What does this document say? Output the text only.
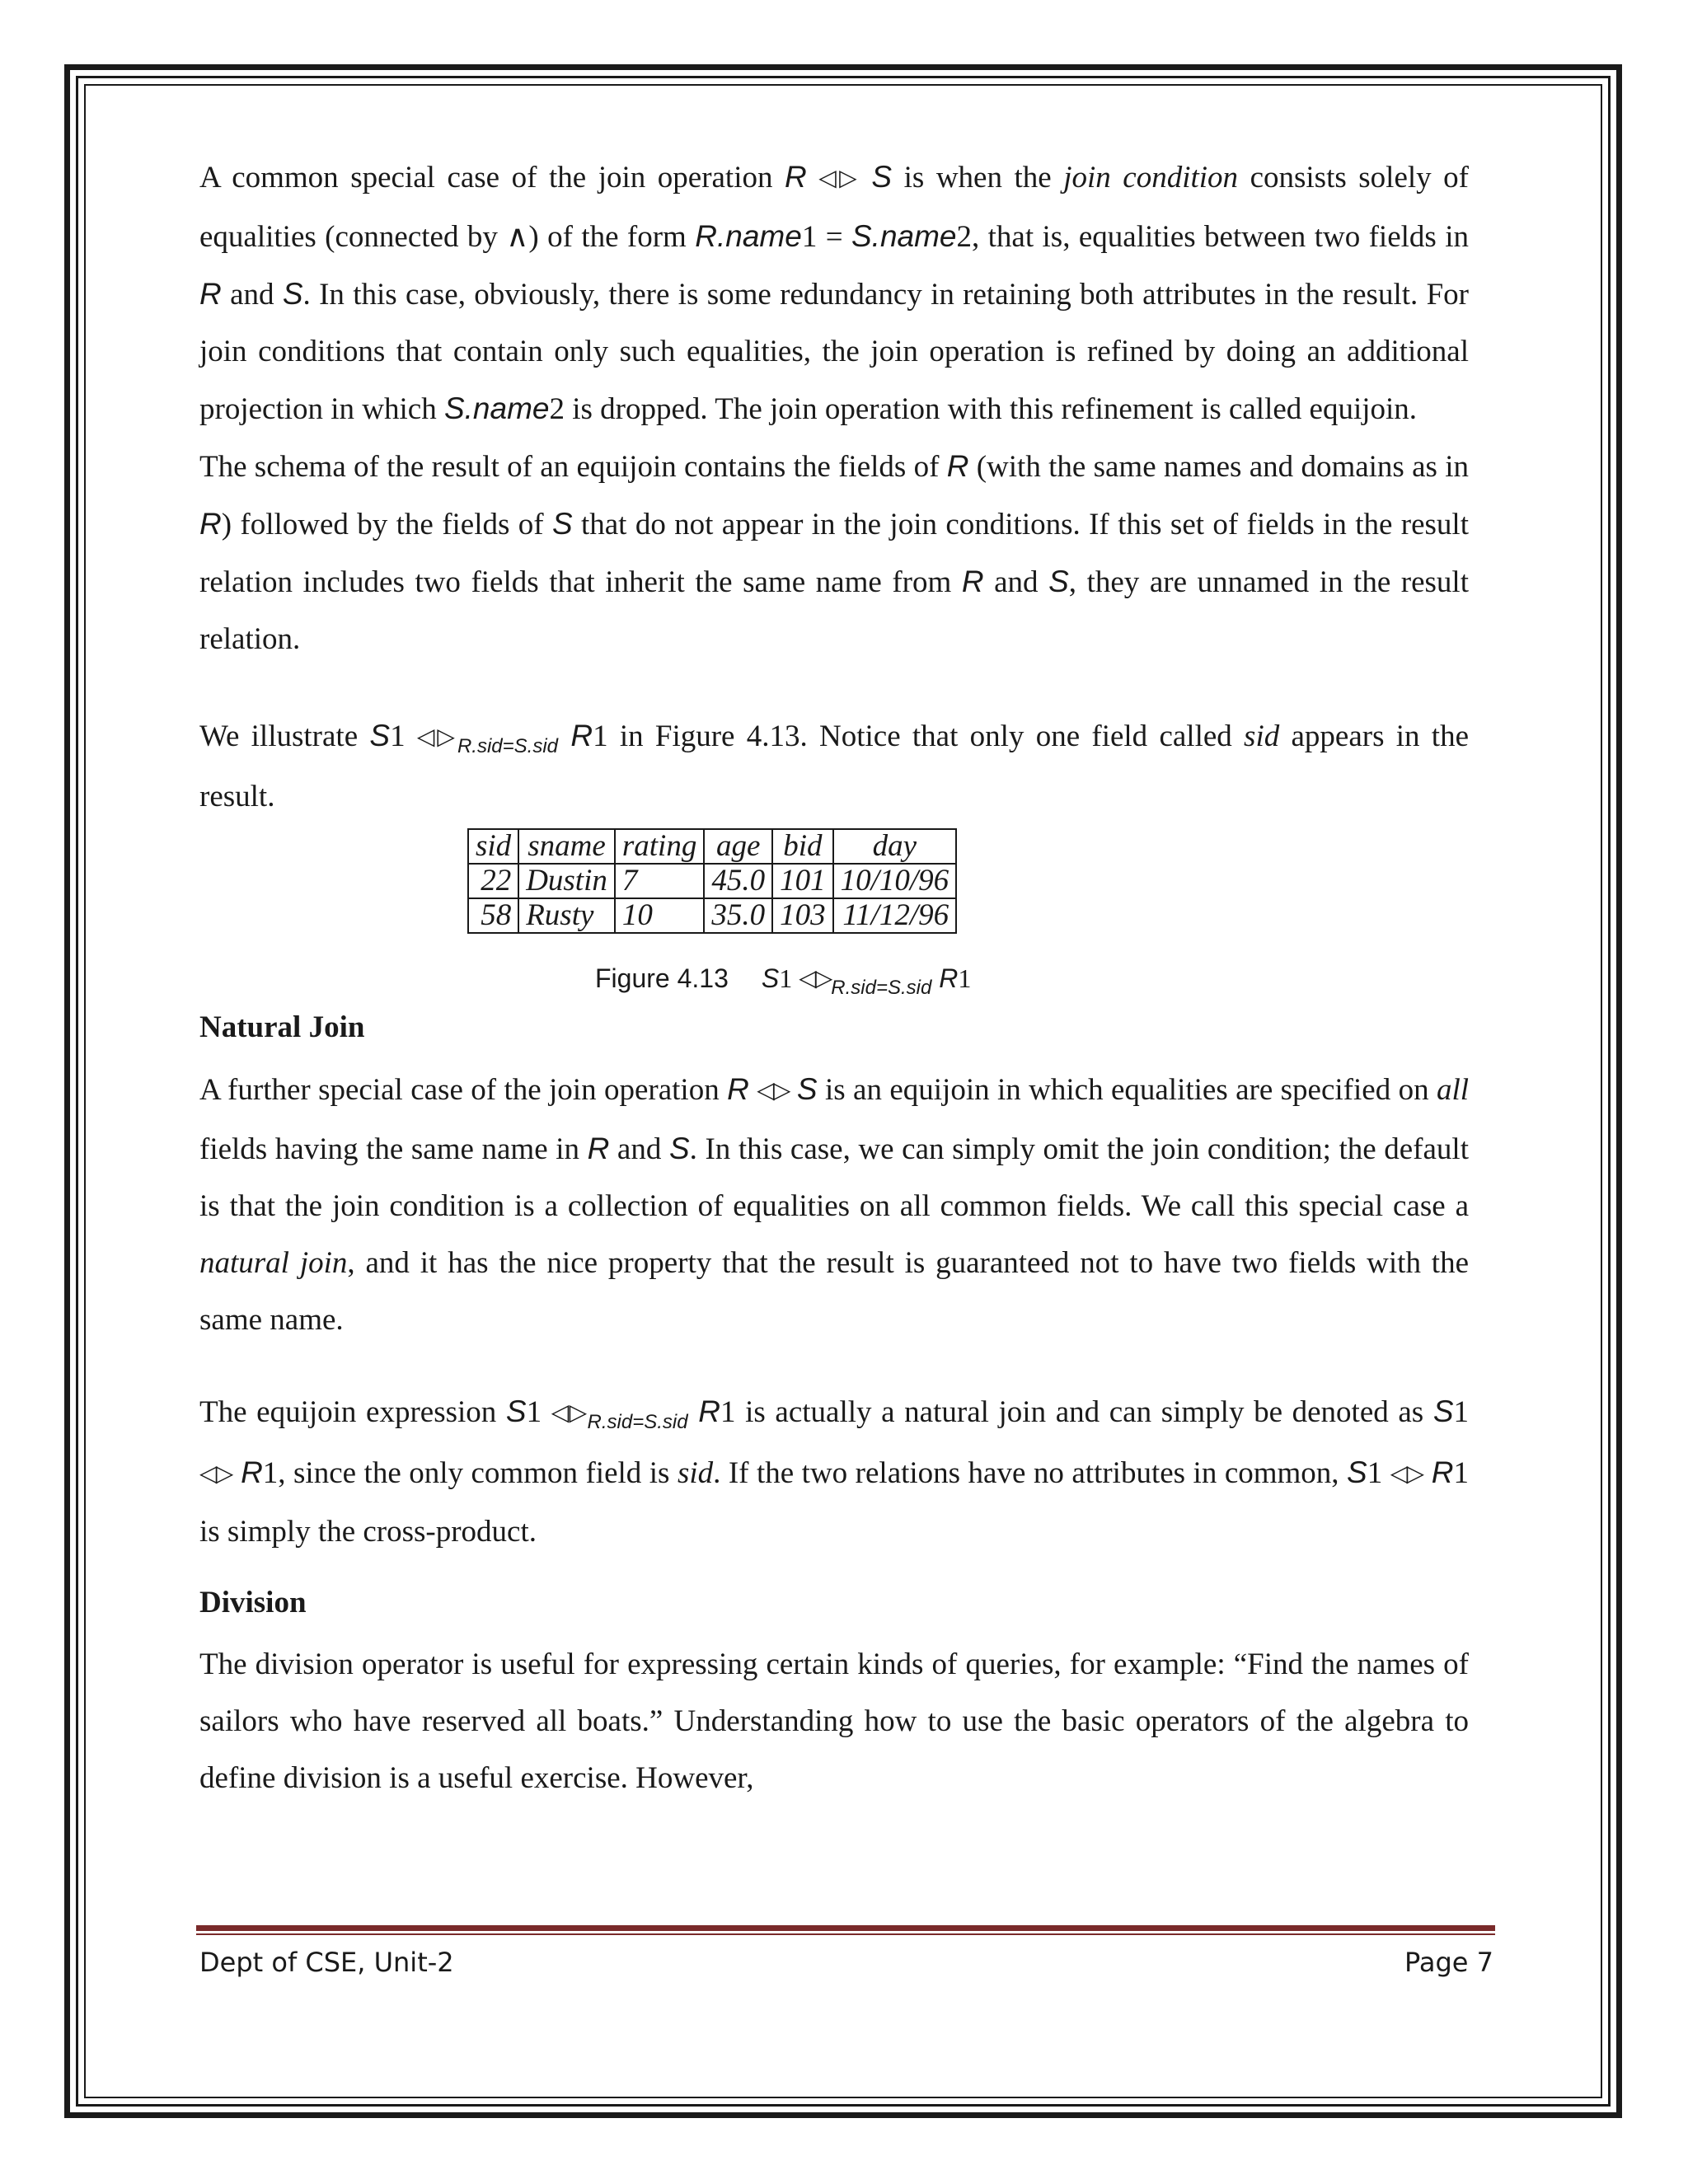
A common special case of the join operation R ◁▷ S is when the join condition consists solely of equalities (connected by ∧) of the form R.name1 = S.name2, that is, equalities between two fields in R and S. In this case, obviously, there is some redundancy in retaining both attributes in the result. For join conditions that contain only such equalities, the join operation is refined by doing an additional projection in which S.name2 is dropped. The join operation with this refinement is called equijoin.

The schema of the result of an equijoin contains the fields of R (with the same names and domains as in R) followed by the fields of S that do not appear in the join conditions. If this set of fields in the result relation includes two fields that inherit the same name from R and S, they are unnamed in the result relation.

We illustrate S1 $◁▷_{R.sid=S.sid}$ R1 in Figure 4.13. Notice that only one field called sid appears in the result.

sid	sname	rating	age	bid	day
22	Dustin	7	45.0	101	10/10/96
58	Rusty	10	35.0	103	11/12/96
Figure 4.13 S1 $◁▷_{R.sid=S.sid}$ R1

Natural Join

A further special case of the join operation R ◁▷ S is an equijoin in which equalities are specified on all fields having the same name in R and S. In this case, we can simply omit the join condition; the default is that the join condition is a collection of equalities on all common fields. We call this special case a natural join, and it has the nice property that the result is guaranteed not to have two fields with the same name.

The equijoin expression S1 $◁▷_{R.sid=S.sid}$ R1 is actually a natural join and can simply be denoted as S1 ◁▷ R1, since the only common field is sid. If the two relations have no attributes in common, S1 ◁▷ R1 is simply the cross-product.

Division

The division operator is useful for expressing certain kinds of queries, for example: “Find the names of sailors who have reserved all boats.” Understanding how to use the basic operators of the algebra to define division is a useful exercise. However,

Dept of CSE, Unit-2	Page 7
